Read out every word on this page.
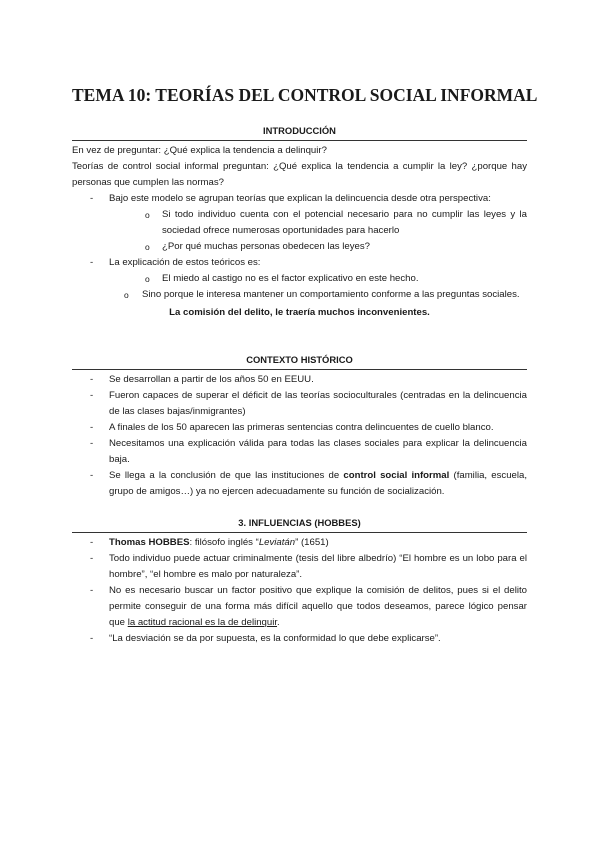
TEMA 10: TEORÍAS DEL CONTROL SOCIAL INFORMAL
INTRODUCCIÓN

En vez de preguntar: ¿Qué explica la tendencia a delinquir?

Teorías de control social informal preguntan: ¿Qué explica la tendencia a cumplir la ley? ¿porque hay personas que cumplen las normas?

- Bajo este modelo se agrupan teorías que explican la delincuencia desde otra perspectiva:
o Si todo individuo cuenta con el potencial necesario para no cumplir las leyes y la sociedad ofrece numerosas oportunidades para hacerlo
o ¿Por qué muchas personas obedecen las leyes?
- La explicación de estos teóricos es:
o El miedo al castigo no es el factor explicativo en este hecho.
o Sino porque le interesa mantener un comportamiento conforme a las preguntas sociales.

La comisión del delito, le traería muchos inconvenientes.

CONTEXTO HISTÓRICO
- Se desarrollan a partir de los años 50 en EEUU.
- Fueron capaces de superar el déficit de las teorías socioculturales (centradas en la delincuencia de las clases bajas/inmigrantes)
- A finales de los 50 aparecen las primeras sentencias contra delincuentes de cuello blanco.
- Necesitamos una explicación válida para todas las clases sociales para explicar la delincuencia baja.
- Se llega a la conclusión de que las instituciones de control social informal (familia, escuela, grupo de amigos…) ya no ejercen adecuadamente su función de socialización.
3. INFLUENCIAS (HOBBES)
- Thomas HOBBES: filósofo inglés “Leviatán” (1651)
- Todo individuo puede actuar criminalmente (tesis del libre albedrío) “El hombre es un lobo para el hombre”, “el hombre es malo por naturaleza”.
- No es necesario buscar un factor positivo que explique la comisión de delitos, pues si el delito permite conseguir de una forma más difícil aquello que todos deseamos, parece lógico pensar que la actitud racional es la de delinquir.
- “La desviación se da por supuesta, es la conformidad lo que debe explicarse”.
